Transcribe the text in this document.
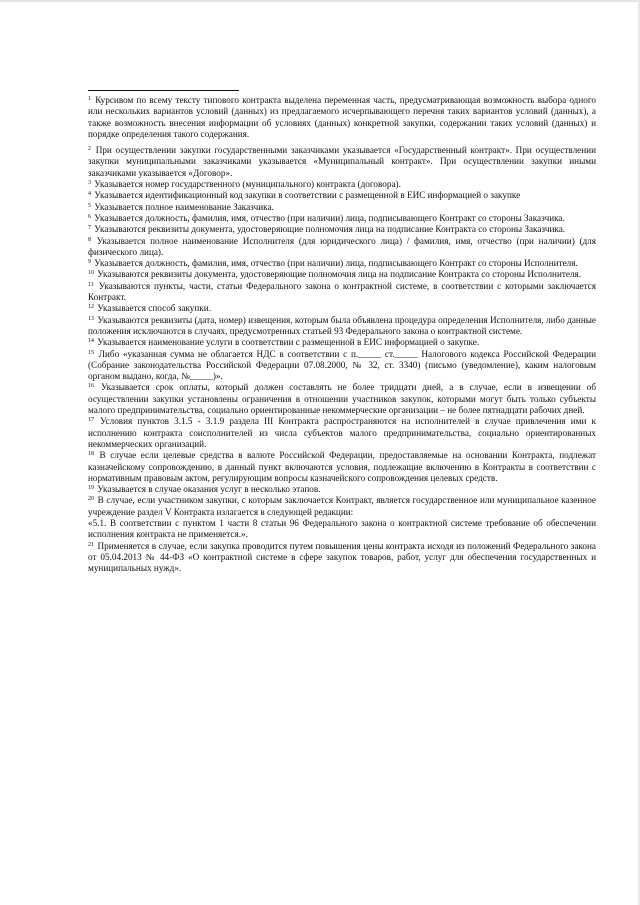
$^1$ Курсивом по всему тексту типового контракта выделена переменная часть, предусматривающая возможность выбора одного или нескольких вариантов условий (данных) из предлагаемого исчерпывающего перечня таких вариантов условий (данных), а также возможность внесения информации об условиях (данных) конкретной закупки, содержании таких условий (данных) и порядке определения такого содержания.

$^2$ При осуществлении закупки государственными заказчиками указывается «Государственный контракт». При осуществлении закупки муниципальными заказчиками указывается «Муниципальный контракт». При осуществлении закупки иными заказчиками указывается «Договор».

$^3$ Указывается номер государственного (муниципального) контракта (договора).

$^4$ Указывается идентификационный код закупки в соответствии с размещенной в ЕИС информацией о закупке

$^5$ Указывается полное наименование Заказчика.

$^6$ Указывается должность, фамилия, имя, отчество (при наличии) лица, подписывающего Контракт со стороны Заказчика.

$^7$ Указываются реквизиты документа, удостоверяющие полномочия лица на подписание Контракта со стороны Заказчика.

$^8$ Указывается полное наименование Исполнителя (для юридического лица) / фамилия, имя, отчество (при наличии) (для физического лица).

$^9$ Указывается должность, фамилия, имя, отчество (при наличии) лица, подписывающего Контракт со стороны Исполнителя.

$^{10}$ Указываются реквизиты документа, удостоверяющие полномочия лица на подписание Контракта со стороны Исполнителя.

$^{11}$ Указываются пункты, части, статьи Федерального закона о контрактной системе, в соответствии с которыми заключается Контракт.

$^{12}$ Указывается способ закупки.

$^{13}$ Указываются реквизиты (дата, номер) извещения, которым была объявлена процедура определения Исполнителя, либо данные положения исключаются в случаях, предусмотренных статьей 93 Федерального закона о контрактной системе.

$^{14}$ Указывается наименование услуги в соответствии с размещенной в ЕИС информацией о закупке.

$^{15}$ Либо «указанная сумма не облагается НДС в соответствии с п._____ ст._____ Налогового кодекса Российской Федерации (Собрание законодательства Российской Федерации 07.08.2000, № 32, ст. 3340) (письмо (уведомление), каким налоговым органом выдано, когда, №_____)».

$^{16}$ Указывается срок оплаты, который должен составлять не более тридцати дней, а в случае, если в извещении об осуществлении закупки установлены ограничения в отношении участников закупок, которыми могут быть только субъекты малого предпринимательства, социально ориентированные некоммерческие организации – не более пятнадцати рабочих дней.

$^{17}$ Условия пунктов 3.1.5 - 3.1.9 раздела III Контракта распространяются на исполнителей в случае привлечения ими к исполнению контракта соисполнителей из числа субъектов малого предпринимательства, социально ориентированных некоммерческих организаций.

$^{18}$ В случае если целевые средства в валюте Российской Федерации, предоставляемые на основании Контракта, подлежат казначейскому сопровождению, в данный пункт включаются условия, подлежащие включению в Контракты в соответствии с нормативным правовым актом, регулирующим вопросы казначейского сопровождения целевых средств.

$^{19}$ Указывается в случае оказания услуг в несколько этапов.

$^{20}$ В случае, если участником закупки, с которым заключается Контракт, является государственное или муниципальное казенное учреждение раздел V Контракта излагается в следующей редакции:

«5.1. В соответствии с пунктом 1 части 8 статьи 96 Федерального закона о контрактной системе требование об обеспечении исполнения контракта не применяется.».

$^{21}$ Применяется в случае, если закупка проводится путем повышения цены контракта исходя из положений Федерального закона от 05.04.2013 № 44-ФЗ «О контрактной системе в сфере закупок товаров, работ, услуг для обеспечения государственных и муниципальных нужд».
